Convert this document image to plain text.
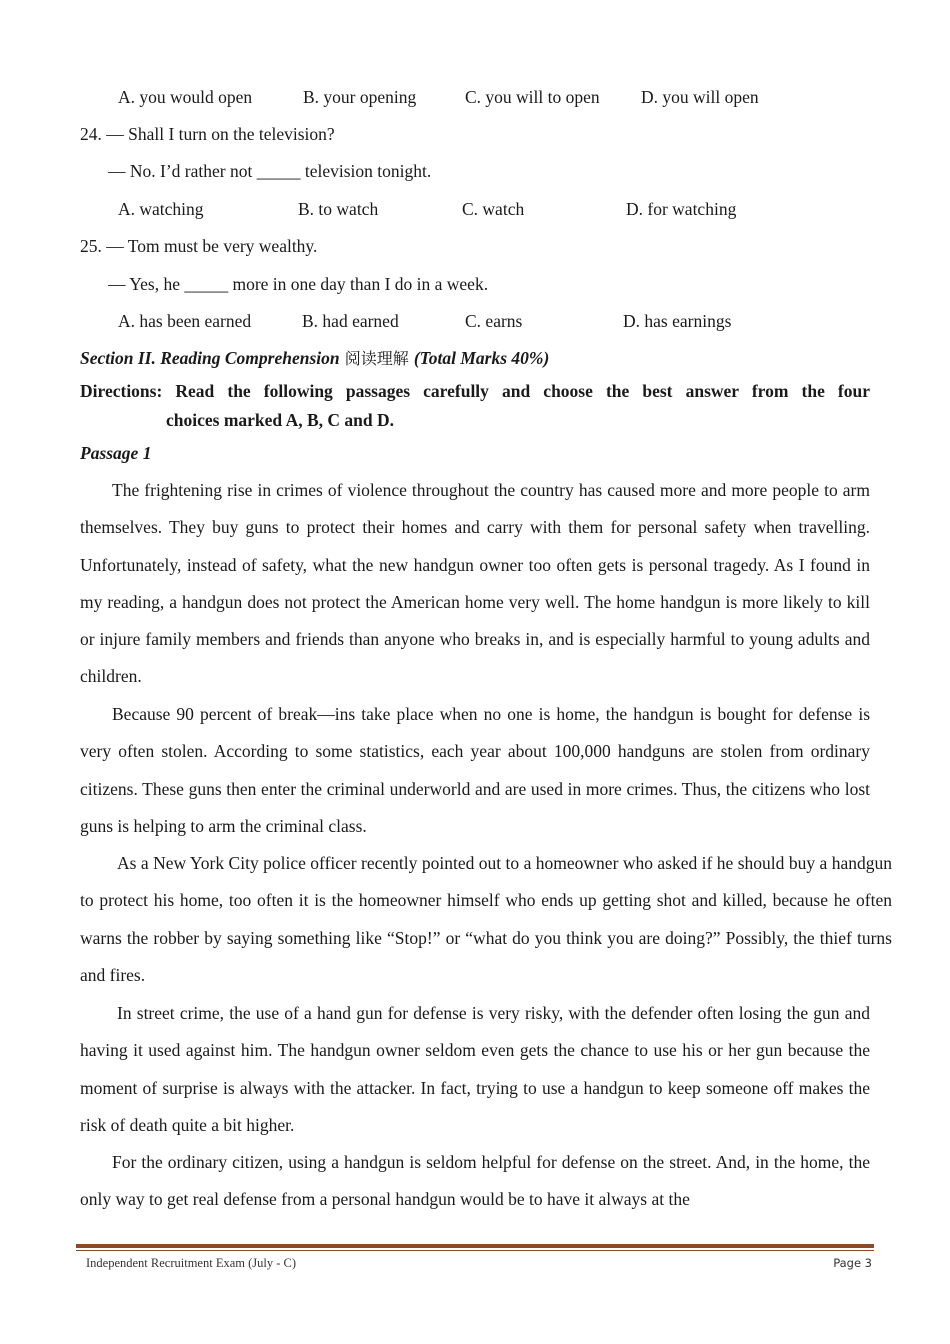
A. you would open	B. your opening	C. you will to open D. you will open
24. — Shall I turn on the television?
— No. I’d rather not _____ television tonight.
A. watching	B. to watch	C. watch	D. for watching
25. — Tom must be very wealthy.
— Yes, he _____ more in one day than I do in a week.
A. has been earned	B. had earned	C. earns	D. has earnings
Section II. Reading Comprehension 阅读理解 (Total Marks 40%)
Directions: Read the following passages carefully and choose the best answer from the four
choices marked A, B, C and D.
Passage 1
The frightening rise in crimes of violence throughout the country has caused more and more people to arm themselves. They buy guns to protect their homes and carry with them for personal safety when travelling. Unfortunately, instead of safety, what the new handgun owner too often gets is personal tragedy. As I found in my reading, a handgun does not protect the American home very well. The home handgun is more likely to kill or injure family members and friends than anyone who breaks in, and is especially harmful to young adults and children.
Because 90 percent of break—ins take place when no one is home, the handgun is bought for defense is very often stolen. According to some statistics, each year about 100,000 handguns are stolen from ordinary citizens. These guns then enter the criminal underworld and are used in more crimes. Thus, the citizens who lost guns is helping to arm the criminal class.
As a New York City police officer recently pointed out to a homeowner who asked if he should buy a handgun to protect his home, too often it is the homeowner himself who ends up getting shot and killed, because he often warns the robber by saying something like “Stop!” or “what do you think you are doing?” Possibly, the thief turns and fires.
In street crime, the use of a hand gun for defense is very risky, with the defender often losing the gun and having it used against him. The handgun owner seldom even gets the chance to use his or her gun because the moment of surprise is always with the attacker. In fact, trying to use a handgun to keep someone off makes the risk of death quite a bit higher.
For the ordinary citizen, using a handgun is seldom helpful for defense on the street. And, in the home, the only way to get real defense from a personal handgun would be to have it always at the
Independent Recruitment Exam (July - C)	Page 3
